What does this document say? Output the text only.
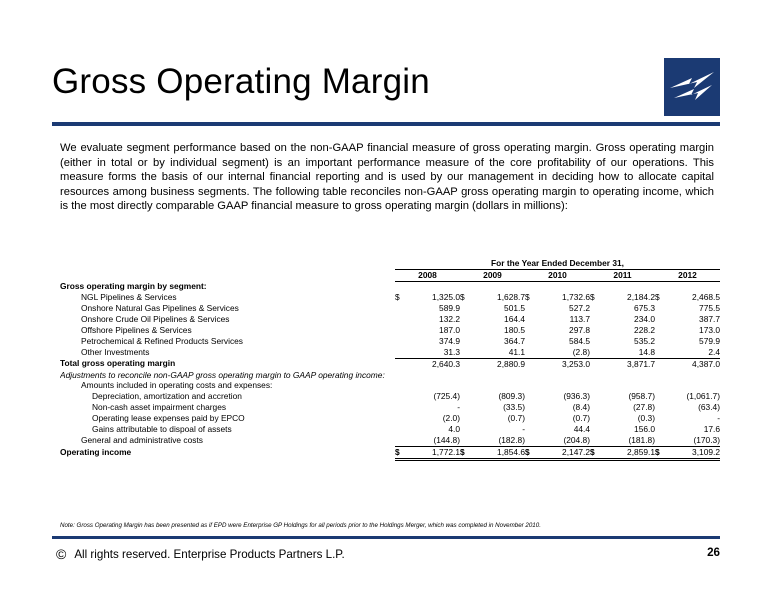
Gross Operating Margin

We evaluate segment performance based on the non-GAAP financial measure of gross operating margin. Gross operating margin (either in total or by individual segment) is an important performance measure of the core profitability of our operations. This measure forms the basis of our internal financial reporting and is used by our management in deciding how to allocate capital resources among business segments. The following table reconciles non-GAAP gross operating margin to operating income, which is the most directly comparable GAAP financial measure to gross operating margin (dollars in millions):

	For the Year Ended December 31,									
	2008		2009		2010		2011		2012	
Gross operating margin by segment:										
NGL Pipelines & Services	$	1,325.0	$	1,628.7	$	1,732.6	$	2,184.2	$	2,468.5
Onshore Natural Gas Pipelines & Services		589.9		501.5		527.2		675.3		775.5
Onshore Crude Oil Pipelines & Services		132.2		164.4		113.7		234.0		387.7
Offshore Pipelines & Services		187.0		180.5		297.8		228.2		173.0
Petrochemical & Refined Products Services		374.9		364.7		584.5		535.2		579.9
Other Investments		31.3		41.1		(2.8)		14.8		2.4
Total gross operating margin		2,640.3		2,880.9		3,253.0		3,871.7		4,387.0
Adjustments to reconcile non-GAAP gross operating margin to GAAP operating income:										
Amounts included in operating costs and expenses:										
Depreciation, amortization and accretion		(725.4)		(809.3)		(936.3)		(958.7)		(1,061.7)
Non-cash asset impairment charges		-		(33.5)		(8.4)		(27.8)		(63.4)
Operating lease expenses paid by EPCO		(2.0)		(0.7)		(0.7)		(0.3)		-
Gains attributable to dispoal of assets		4.0		-		44.4		156.0		17.6
General and administrative costs		(144.8)		(182.8)		(204.8)		(181.8)		(170.3)
Operating income	$	1,772.1	$	1,854.6	$	2,147.2	$	2,859.1	$	3,109.2
Note: Gross Operating Margin has been presented as if EPD were Enterprise GP Holdings for all periods prior to the Holdings Merger, which was completed in November 2010.
© All rights reserved. Enterprise Products Partners L.P.	26
